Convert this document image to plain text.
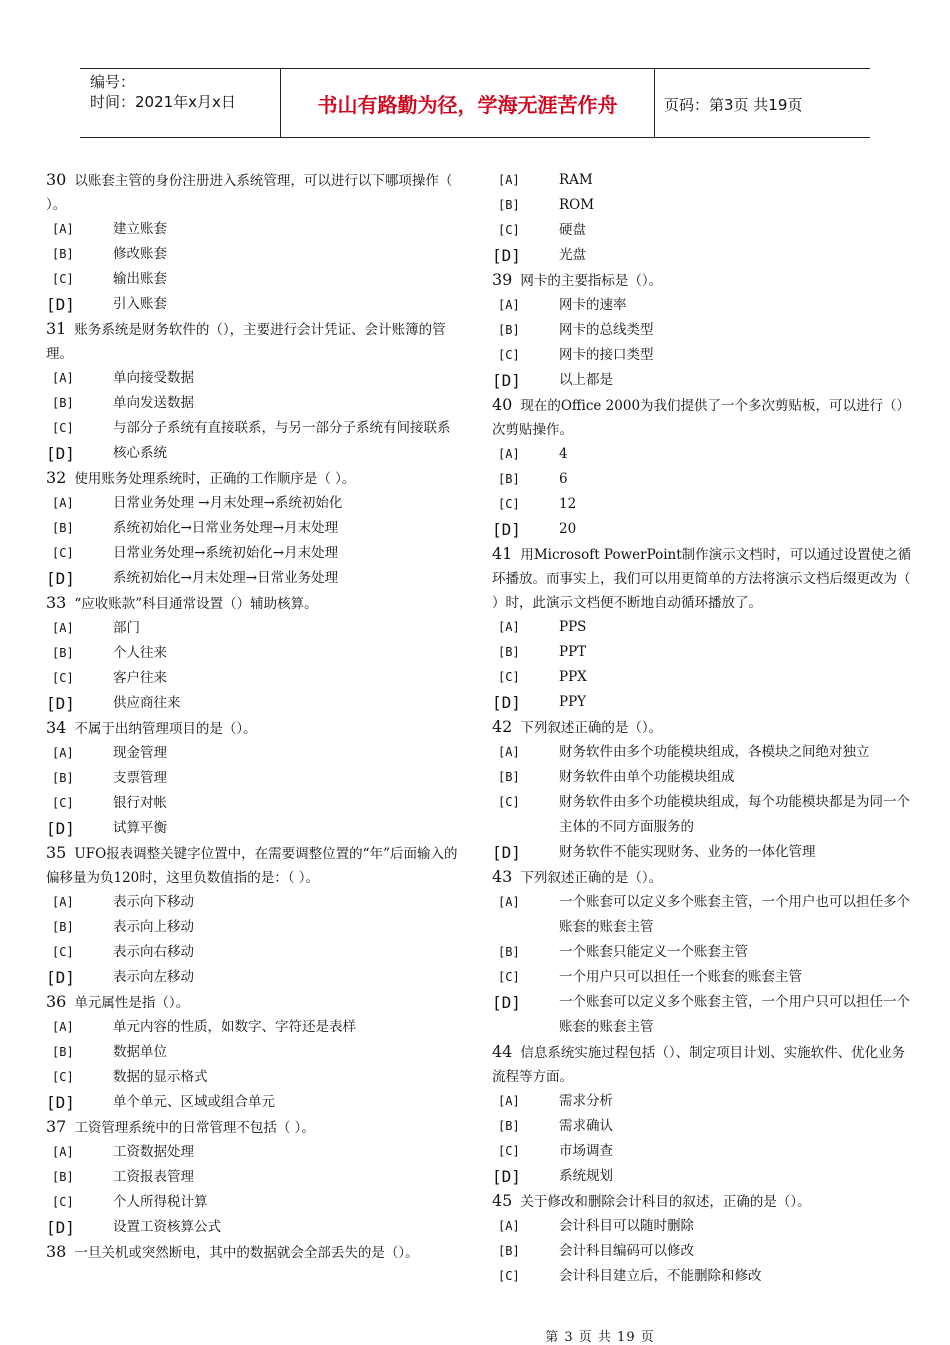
编号：
时间：2021年x月x日	书山有路勤为径，学海无涯苦作舟	页码：第3页 共19页
30 以账套主管的身份注册进入系统管理，可以进行以下哪项操作（ ）。
[A]	建立账套
[B]	修改账套
[C]	输出账套
[D]	引入账套
31 账务系统是财务软件的（），主要进行会计凭证、会计账簿的管理。
[A]	单向接受数据
[B]	单向发送数据
[C]	与部分子系统有直接联系，与另一部分子系统有间接联系
[D]	核心系统
32 使用账务处理系统时，正确的工作顺序是（ ）。
[A]	日常业务处理 →月末处理→系统初始化
[B]	系统初始化→日常业务处理→月末处理
[C]	日常业务处理→系统初始化→月末处理
[D]	系统初始化→月末处理→日常业务处理
33 “应收账款”科目通常设置（）辅助核算。
[A]	部门
[B]	个人往来
[C]	客户往来
[D]	供应商往来
34 不属于出纳管理项目的是（）。
[A]	现金管理
[B]	支票管理
[C]	银行对帐
[D]	试算平衡
35 UFO报表调整关键字位置中，在需要调整位置的“年”后面输入的偏移量为负120时，这里负数值指的是：（ ）。
[A]	表示向下移动
[B]	表示向上移动
[C]	表示向右移动
[D]	表示向左移动
36 单元属性是指（）。
[A]	单元内容的性质，如数字、字符还是表样
[B]	数据单位
[C]	数据的显示格式
[D]	单个单元、区域或组合单元
37 工资管理系统中的日常管理不包括（ ）。
[A]	工资数据处理
[B]	工资报表管理
[C]	个人所得税计算
[D]	设置工资核算公式
38 一旦关机或突然断电，其中的数据就会全部丢失的是（）。
[A]	RAM
[B]	ROM
[C]	硬盘
[D]	光盘
39 网卡的主要指标是（）。
[A]	网卡的速率
[B]	网卡的总线类型
[C]	网卡的接口类型
[D]	以上都是
40 现在的Office 2000为我们提供了一个多次剪贴板，可以进行（）次剪贴操作。
[A]	4
[B]	6
[C]	12
[D]	20
41 用Microsoft PowerPoint制作演示文档时，可以通过设置使之循环播放。而事实上，我们可以用更简单的方法将演示文档后缀更改为（ ）时，此演示文档便不断地自动循环播放了。
[A]	PPS
[B]	PPT
[C]	PPX
[D]	PPY
42 下列叙述正确的是（）。
[A]	财务软件由多个功能模块组成，各模块之间绝对独立
[B]	财务软件由单个功能模块组成
[C]	财务软件由多个功能模块组成，每个功能模块都是为同一个主体的不同方面服务的
[D]	财务软件不能实现财务、业务的一体化管理
43 下列叙述正确的是（）。
[A]	一个账套可以定义多个账套主管，一个用户也可以担任多个账套的账套主管
[B]	一个账套只能定义一个账套主管
[C]	一个用户只可以担任一个账套的账套主管
[D]	一个账套可以定义多个账套主管，一个用户只可以担任一个账套的账套主管
44 信息系统实施过程包括（）、制定项目计划、实施软件、优化业务流程等方面。
[A]	需求分析
[B]	需求确认
[C]	市场调查
[D]	系统规划
45 关于修改和删除会计科目的叙述，正确的是（）。
[A]	会计科目可以随时删除
[B]	会计科目编码可以修改
[C]	会计科目建立后，不能删除和修改
第 3 页 共 19 页
